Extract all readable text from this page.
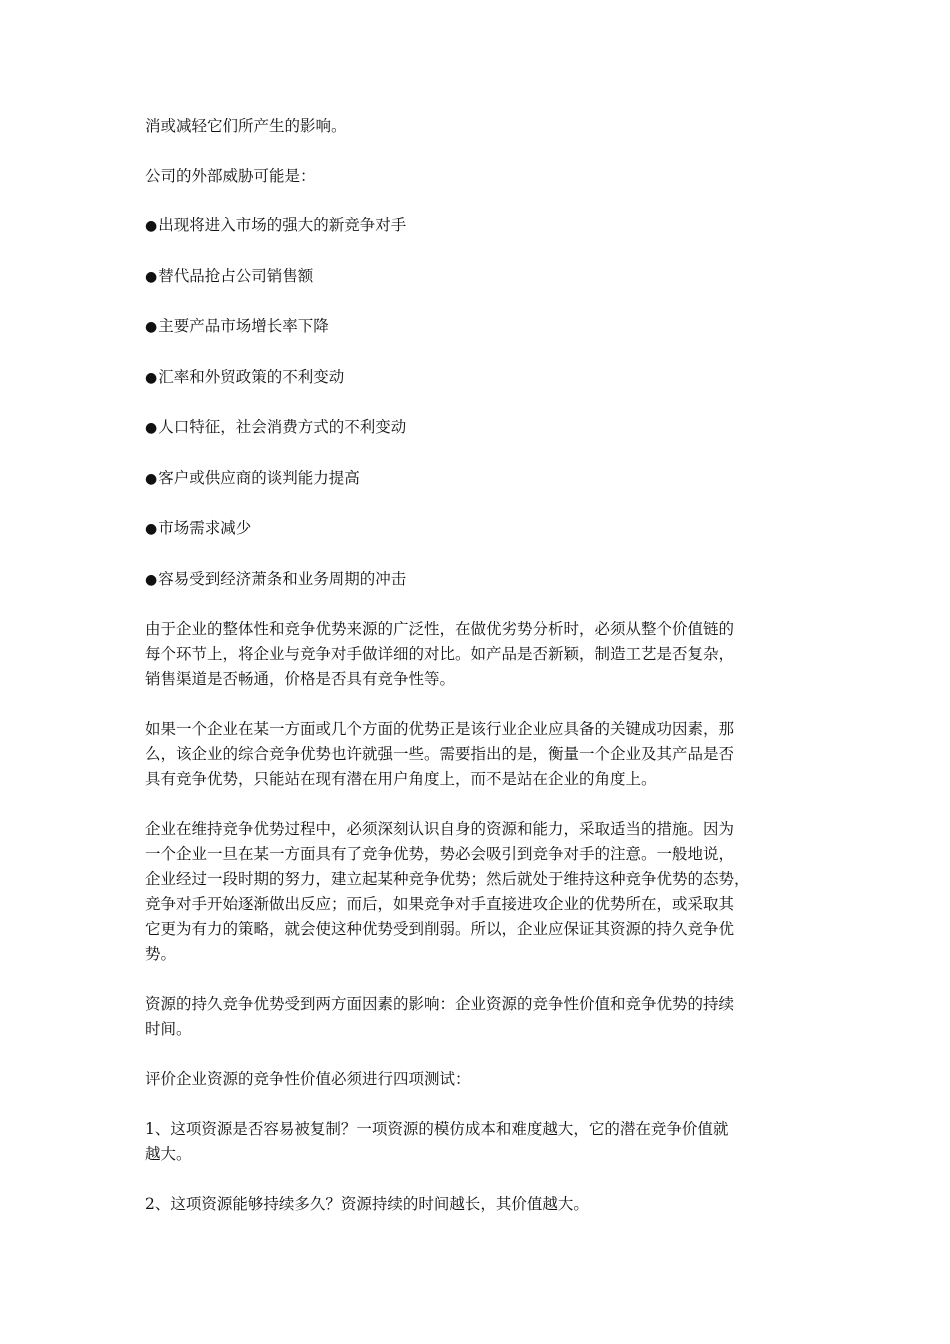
消或减轻它们所产生的影响。

公司的外部威胁可能是：

●出现将进入市场的强大的新竞争对手

●替代品抢占公司销售额

●主要产品市场增长率下降

●汇率和外贸政策的不利变动

●人口特征，社会消费方式的不利变动

●客户或供应商的谈判能力提高

●市场需求减少

●容易受到经济萧条和业务周期的冲击

由于企业的整体性和竞争优势来源的广泛性，在做优劣势分析时，必须从整个价值链的
每个环节上，将企业与竞争对手做详细的对比。如产品是否新颖，制造工艺是否复杂，
销售渠道是否畅通，价格是否具有竞争性等。
如果一个企业在某一方面或几个方面的优势正是该行业企业应具备的关键成功因素，那
么，该企业的综合竞争优势也许就强一些。需要指出的是，衡量一个企业及其产品是否
具有竞争优势，只能站在现有潜在用户角度上，而不是站在企业的角度上。
企业在维持竞争优势过程中，必须深刻认识自身的资源和能力，采取适当的措施。因为
一个企业一旦在某一方面具有了竞争优势，势必会吸引到竞争对手的注意。一般地说，
企业经过一段时期的努力，建立起某种竞争优势；然后就处于维持这种竞争优势的态势，
竞争对手开始逐渐做出反应；而后，如果竞争对手直接进攻企业的优势所在，或采取其
它更为有力的策略，就会使这种优势受到削弱。所以，企业应保证其资源的持久竞争优
势。
资源的持久竞争优势受到两方面因素的影响：企业资源的竞争性价值和竞争优势的持续
时间。

评价企业资源的竞争性价值必须进行四项测试：

1、这项资源是否容易被复制？一项资源的模仿成本和难度越大，它的潜在竞争价值就
越大。

2、这项资源能够持续多久？资源持续的时间越长，其价值越大。
